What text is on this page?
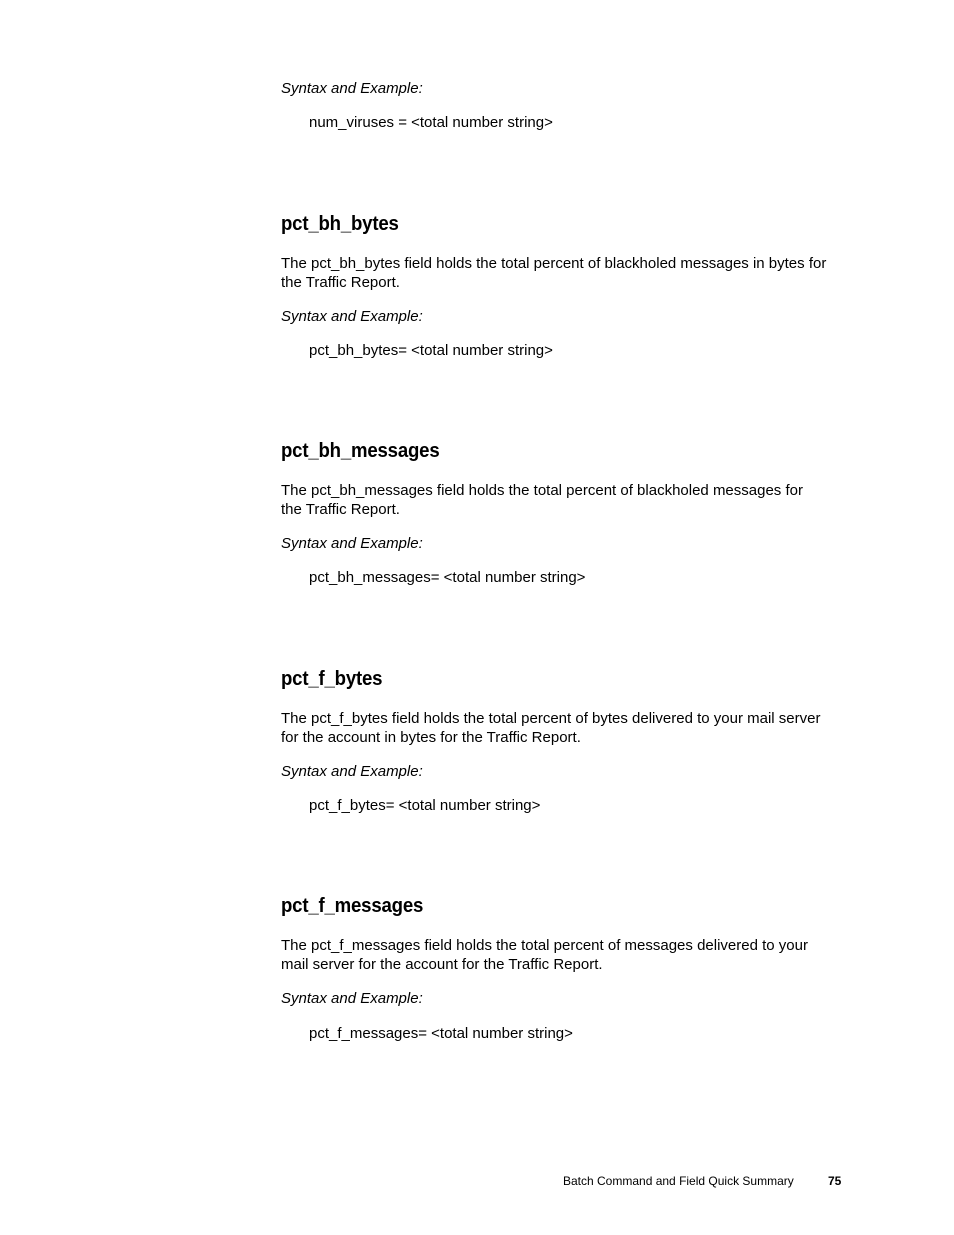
Syntax and Example:
num_viruses = <total number string>
pct_bh_bytes
The pct_bh_bytes field holds the total percent of blackholed messages in bytes for
the Traffic Report.
Syntax and Example:
pct_bh_bytes= <total number string>
pct_bh_messages
The pct_bh_messages field holds the total percent of blackholed messages for
the Traffic Report.
Syntax and Example:
pct_bh_messages= <total number string>
pct_f_bytes
The pct_f_bytes field holds the total percent of bytes delivered to your mail server
for the account in bytes for the Traffic Report.
Syntax and Example:
pct_f_bytes= <total number string>
pct_f_messages
The pct_f_messages field holds the total percent of messages delivered to your
mail server for the account for the Traffic Report.
Syntax and Example:
pct_f_messages= <total number string>
Batch Command and Field Quick Summary	75
